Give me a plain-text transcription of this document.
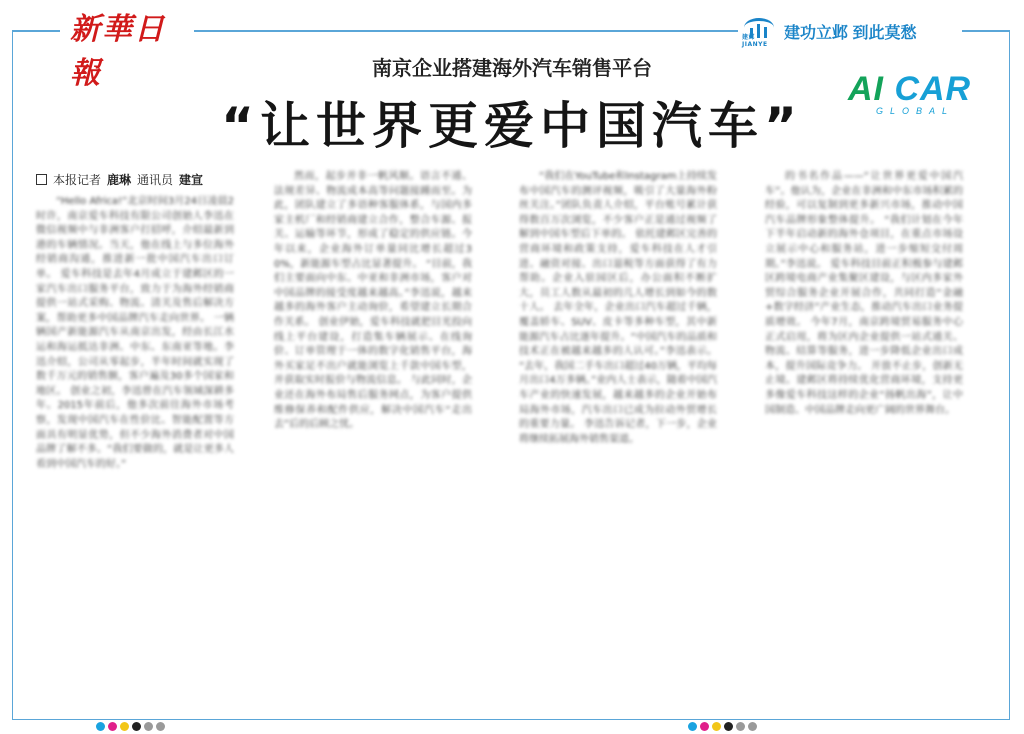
新華日報
建邺 JIANYE
建功立邺 到此莫愁
南京企业搭建海外汽车销售平台
“让世界更爱中国汽车”
AI CAR
GLOBAL
本报记者 鹿琳 通讯员 建宣

“Hello Africa!”北京时间3月24日凌晨2时许，南京爱车科技有限公司创始人李迅在微信视频中与非洲客户打招呼，介绍最新到港的车辆情况。当天，他在线上与多位海外经销商沟通，推进新一批中国汽车出口订单。 爱车科技是去年4月成立于建邺区的一家汽车出口服务平台，致力于为海外经销商提供一站式采购、物流、清关及售后解决方案，帮助更多中国品牌汽车走向世界。 一辆辆国产新能源汽车从南京出发，经由长江水运和海运抵达非洲、中东、东南亚等地。李迅介绍，公司从零起步，半年时间就实现了数千万元的销售额，客户遍及30多个国家和地区。 创业之初，李迅曾在汽车领域深耕多年。2015年前后，他多次前往海外市场考察，发现中国汽车在性价比、智能配置等方面具有明显优势，但不少海外消费者对中国品牌了解不多。“我们要做的，就是让更多人看到中国汽车的好。”

然而，起步并非一帆风顺。语言不通、法规差异、物流成本高等问题接踵而至。为此，团队建立了多语种客服体系，与国内多家主机厂和经销商建立合作，整合车源、报关、运输等环节，形成了稳定的供应链。今年以来，企业海外订单量同比增长超过30%，新能源车型占比显著提升。 “目前，我们主要面向中东、中亚和非洲市场，客户对中国品牌的接受度越来越高。”李迅说，越来越多的海外客户主动询价，希望建立长期合作关系。 创业伊始，爱车科技就把目光投向线上平台建设，打造集车辆展示、在线询价、订单管理于一体的数字化销售平台，海外买家足不出户就能浏览上千款中国车型，并获取实时报价与物流信息。 与此同时，企业还在海外布局售后服务网点，为客户提供维修保养和配件供应，解决中国汽车“走出去”后的后顾之忧。

“我们在YouTube和Instagram上持续发布中国汽车的测评视频，吸引了大量海外粉丝关注。”团队负责人介绍，平台账号累计获得数百万次浏览，不少客户正是通过视频了解到中国车型后下单的。 依托建邺区完善的营商环境和政策支持，爱车科技在人才引进、融资对接、出口退税等方面获得了有力帮助。企业入驻园区后，办公面积不断扩大，员工人数从最初的几人增长到如今的数十人。 去年全年，企业出口汽车超过千辆，覆盖轿车、SUV、皮卡等多种车型，其中新能源汽车占比逐年提升。“中国汽车的品质和技术正在被越来越多的人认可。”李迅表示。 “去年，我国二手车出口超过40万辆，平均每月出口4万多辆。”业内人士表示，随着中国汽车产业的快速发展，越来越多的企业开始布局海外市场，汽车出口已成为拉动外贸增长的重要力量。 李迅告诉记者，下一步，企业将继续拓展海外销售渠道。

的书名作品——“让世界更爱中国汽车”。他认为，企业在非洲和中东市场积累的经验，可以复制到更多新兴市场，推动中国汽车品牌形象整体提升。 “我们计划在今年下半年启动新的海外仓项目，在重点市场设立展示中心和服务站，进一步缩短交付周期。”李迅说。 爱车科技目前正积极参与建邺区跨境电商产业集聚区建设，与区内多家外贸综合服务企业开展合作，共同打造“金融+数字经济”产业生态，推动汽车出口业务提质增效。 今年7月，南京跨境贸易服务中心正式启用，将为区内企业提供一站式通关、物流、结算等服务，进一步降低企业出口成本，提升国际竞争力。 开放不止步，创新无止境。建邺区将持续优化营商环境，支持更多像爱车科技这样的企业“扬帆出海”，让中国制造、中国品牌走向更广阔的世界舞台。
